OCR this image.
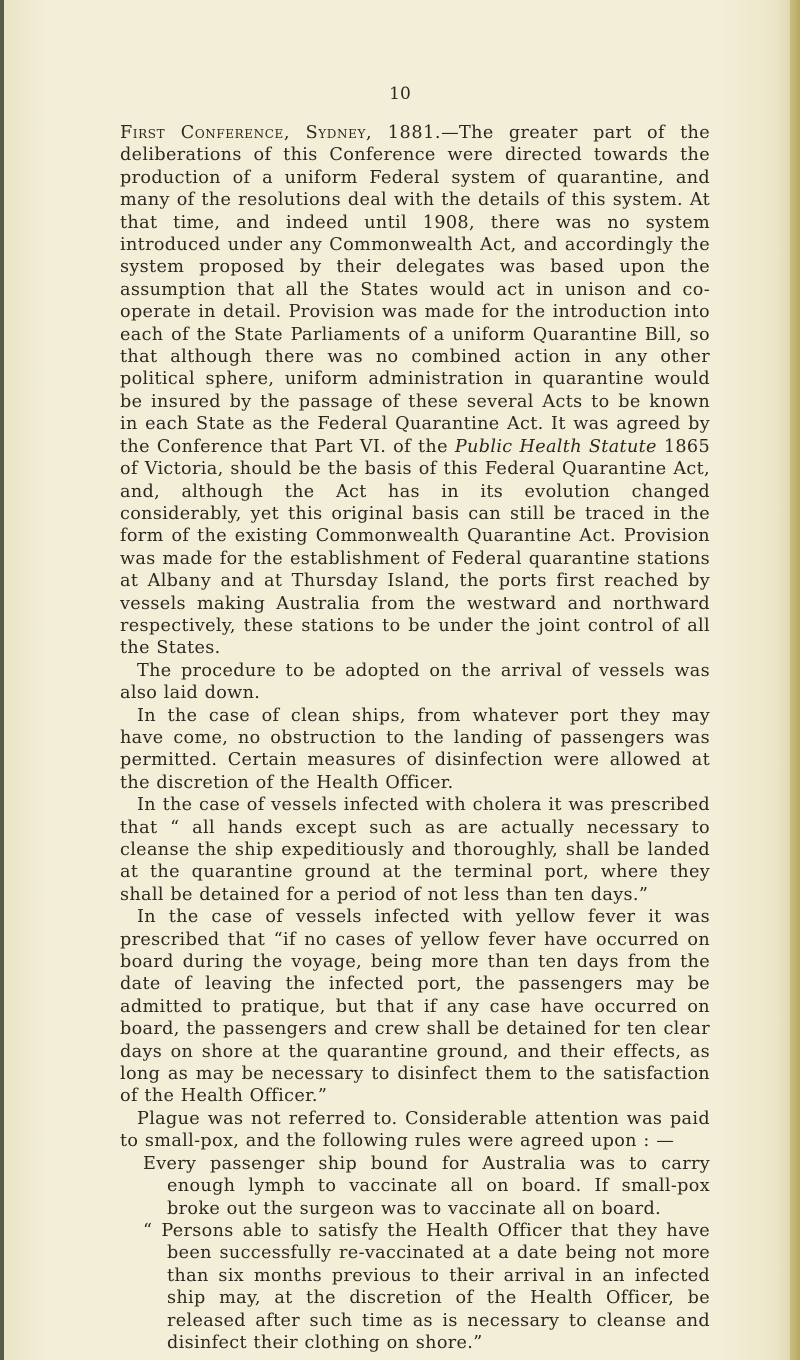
10

First Conference, Sydney, 1881.—The greater part of the deliberations of this Conference were directed towards the production of a uniform Federal system of quarantine, and many of the resolutions deal with the details of this system. At that time, and indeed until 1908, there was no system introduced under any Commonwealth Act, and accordingly the system proposed by their delegates was based upon the assumption that all the States would act in unison and co-operate in detail. Provision was made for the introduction into each of the State Parliaments of a uniform Quarantine Bill, so that although there was no combined action in any other political sphere, uniform administration in quarantine would be insured by the passage of these several Acts to be known in each State as the Federal Quarantine Act. It was agreed by the Conference that Part VI. of the Public Health Statute 1865 of Victoria, should be the basis of this Federal Quarantine Act, and, although the Act has in its evolution changed considerably, yet this original basis can still be traced in the form of the existing Commonwealth Quarantine Act. Provision was made for the establishment of Federal quarantine stations at Albany and at Thursday Island, the ports first reached by vessels making Australia from the westward and northward respectively, these stations to be under the joint control of all the States.

The procedure to be adopted on the arrival of vessels was also laid down.

In the case of clean ships, from whatever port they may have come, no obstruction to the landing of passengers was permitted. Certain measures of disinfection were allowed at the discretion of the Health Officer.

In the case of vessels infected with cholera it was prescribed that “ all hands except such as are actually necessary to cleanse the ship expeditiously and thoroughly, shall be landed at the quarantine ground at the terminal port, where they shall be detained for a period of not less than ten days.”

In the case of vessels infected with yellow fever it was prescribed that “if no cases of yellow fever have occurred on board during the voyage, being more than ten days from the date of leaving the infected port, the passengers may be admitted to pratique, but that if any case have occurred on board, the passengers and crew shall be detained for ten clear days on shore at the quarantine ground, and their effects, as long as may be necessary to disinfect them to the satisfaction of the Health Officer.”

Plague was not referred to. Considerable attention was paid to small-pox, and the following rules were agreed upon : —

Every passenger ship bound for Australia was to carry enough lymph to vaccinate all on board. If small-pox broke out the surgeon was to vaccinate all on board.

“ Persons able to satisfy the Health Officer that they have been successfully re-vaccinated at a date being not more than six months previous to their arrival in an infected ship may, at the discretion of the Health Officer, be released after such time as is necessary to cleanse and disinfect their clothing on shore.”
